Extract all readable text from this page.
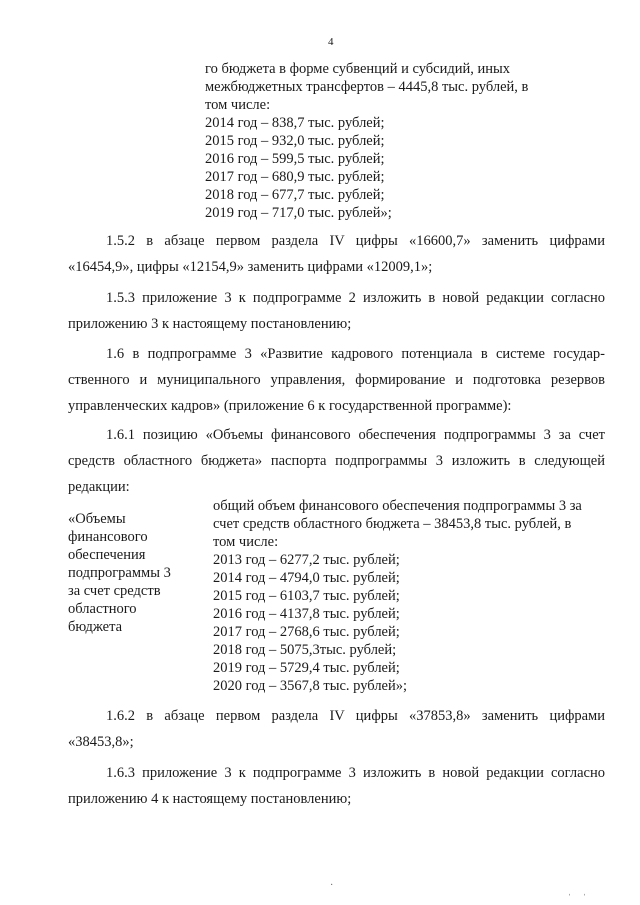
4
го бюджета в форме субвенций и субсидий, иных
межбюджетных трансфертов – 4445,8 тыс. рублей, в
том числе:
2014 год – 838,7 тыс. рублей;
2015 год – 932,0 тыс. рублей;
2016 год – 599,5 тыс. рублей;
2017 год – 680,9 тыс. рублей;
2018 год – 677,7 тыс. рублей;
2019 год – 717,0 тыс. рублей»;
1.5.2 в абзаце первом раздела IV цифры «16600,7» заменить цифрами
«16454,9», цифры «12154,9» заменить цифрами «12009,1»;
1.5.3 приложение 3 к подпрограмме 2 изложить в новой редакции согласно
приложению 3 к настоящему постановлению;
1.6 в подпрограмме 3 «Развитие кадрового потенциала в системе государ-
ственного и муниципального управления, формирование и подготовка резервов
управленческих кадров» (приложение 6 к государственной программе):
1.6.1 позицию «Объемы финансового обеспечения подпрограммы 3 за счет
средств областного бюджета» паспорта подпрограммы 3 изложить в следующей
редакции:
«Объемы
финансового
обеспечения
подпрограммы 3
за счет средств
областного
бюджета
общий объем финансового обеспечения подпрограммы 3 за
счет средств областного бюджета – 38453,8 тыс. рублей, в
том числе:
2013 год – 6277,2 тыс. рублей;
2014 год – 4794,0 тыс. рублей;
2015 год – 6103,7 тыс. рублей;
2016 год – 4137,8 тыс. рублей;
2017 год – 2768,6 тыс. рублей;
2018 год – 5075,3тыс. рублей;
2019 год – 5729,4 тыс. рублей;
2020 год – 3567,8 тыс. рублей»;
1.6.2 в абзаце первом раздела IV цифры «37853,8» заменить цифрами
«38453,8»;
1.6.3 приложение 3 к подпрограмме 3 изложить в новой редакции согласно
приложению 4 к настоящему постановлению;
·
ˈ ˈ
